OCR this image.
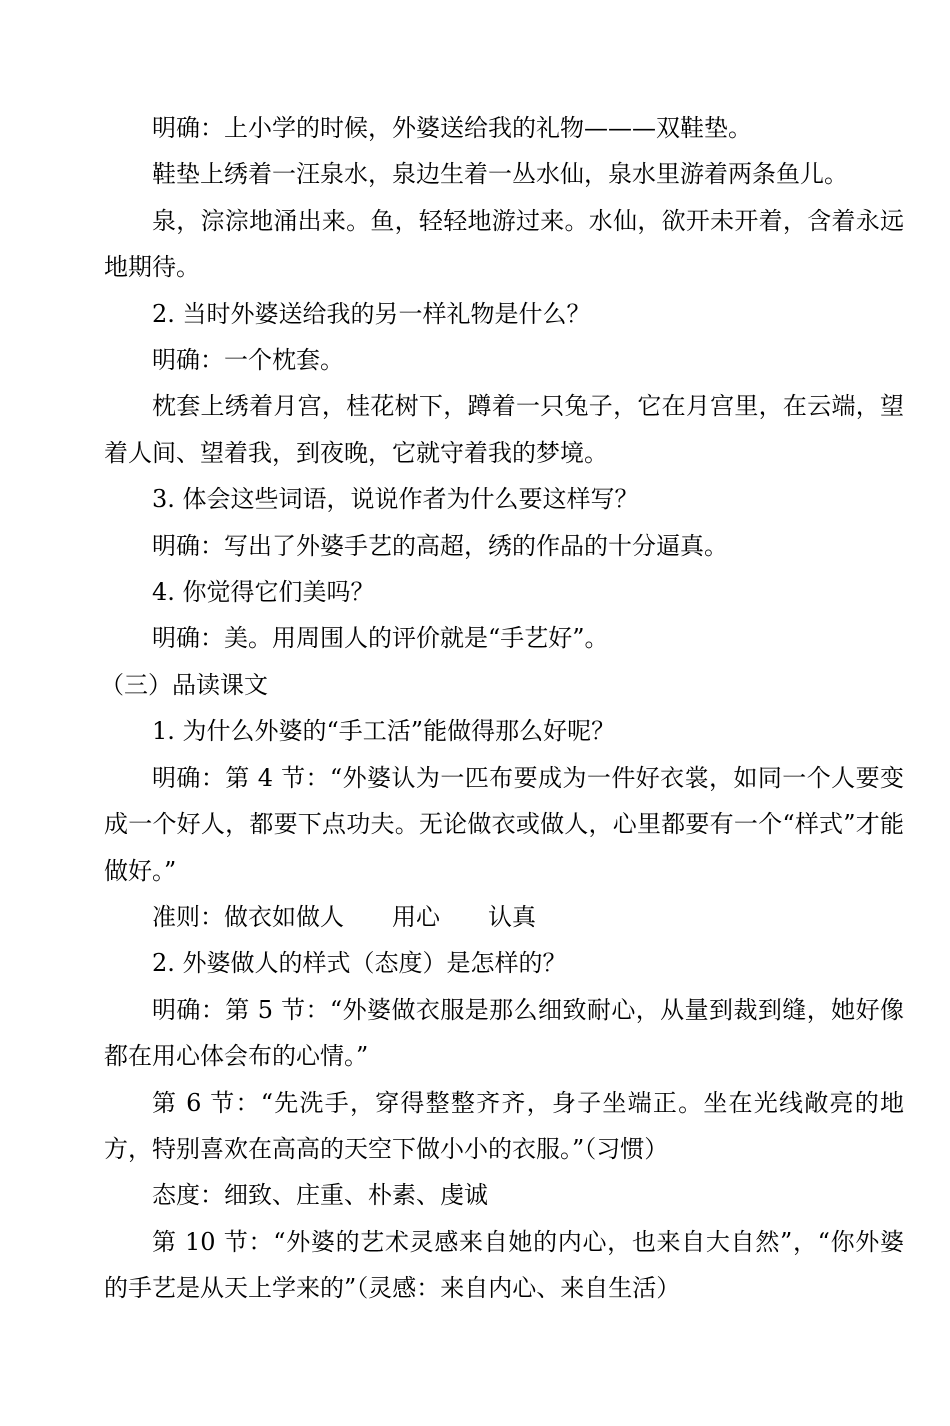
明确：上小学的时候，外婆送给我的礼物———双鞋垫。

鞋垫上绣着一汪泉水，泉边生着一丛水仙，泉水里游着两条鱼儿。

泉，淙淙地涌出来。鱼，轻轻地游过来。水仙，欲开未开着，含着永远地期待。

2. 当时外婆送给我的另一样礼物是什么？

明确：一个枕套。

枕套上绣着月宫，桂花树下，蹲着一只兔子，它在月宫里，在云端，望着人间、望着我，到夜晚，它就守着我的梦境。

3. 体会这些词语，说说作者为什么要这样写？

明确：写出了外婆手艺的高超，绣的作品的十分逼真。

4. 你觉得它们美吗？

明确：美。用周围人的评价就是“手艺好”。

（三）品读课文

1. 为什么外婆的“手工活”能做得那么好呢？

明确：第 4 节：“外婆认为一匹布要成为一件好衣裳，如同一个人要变成一个好人，都要下点功夫。无论做衣或做人，心里都要有一个“样式”才能做好。”

准则：做衣如做人　　用心　　认真

2. 外婆做人的样式（态度）是怎样的？

明确：第 5 节：“外婆做衣服是那么细致耐心，从量到裁到缝，她好像都在用心体会布的心情。”

第 6 节：“先洗手，穿得整整齐齐，身子坐端正。坐在光线敞亮的地方，特别喜欢在高高的天空下做小小的衣服。”（习惯）

态度：细致、庄重、朴素、虔诚

第 10 节：“外婆的艺术灵感来自她的内心，也来自大自然”，“你外婆的手艺是从天上学来的”（灵感：来自内心、来自生活）
